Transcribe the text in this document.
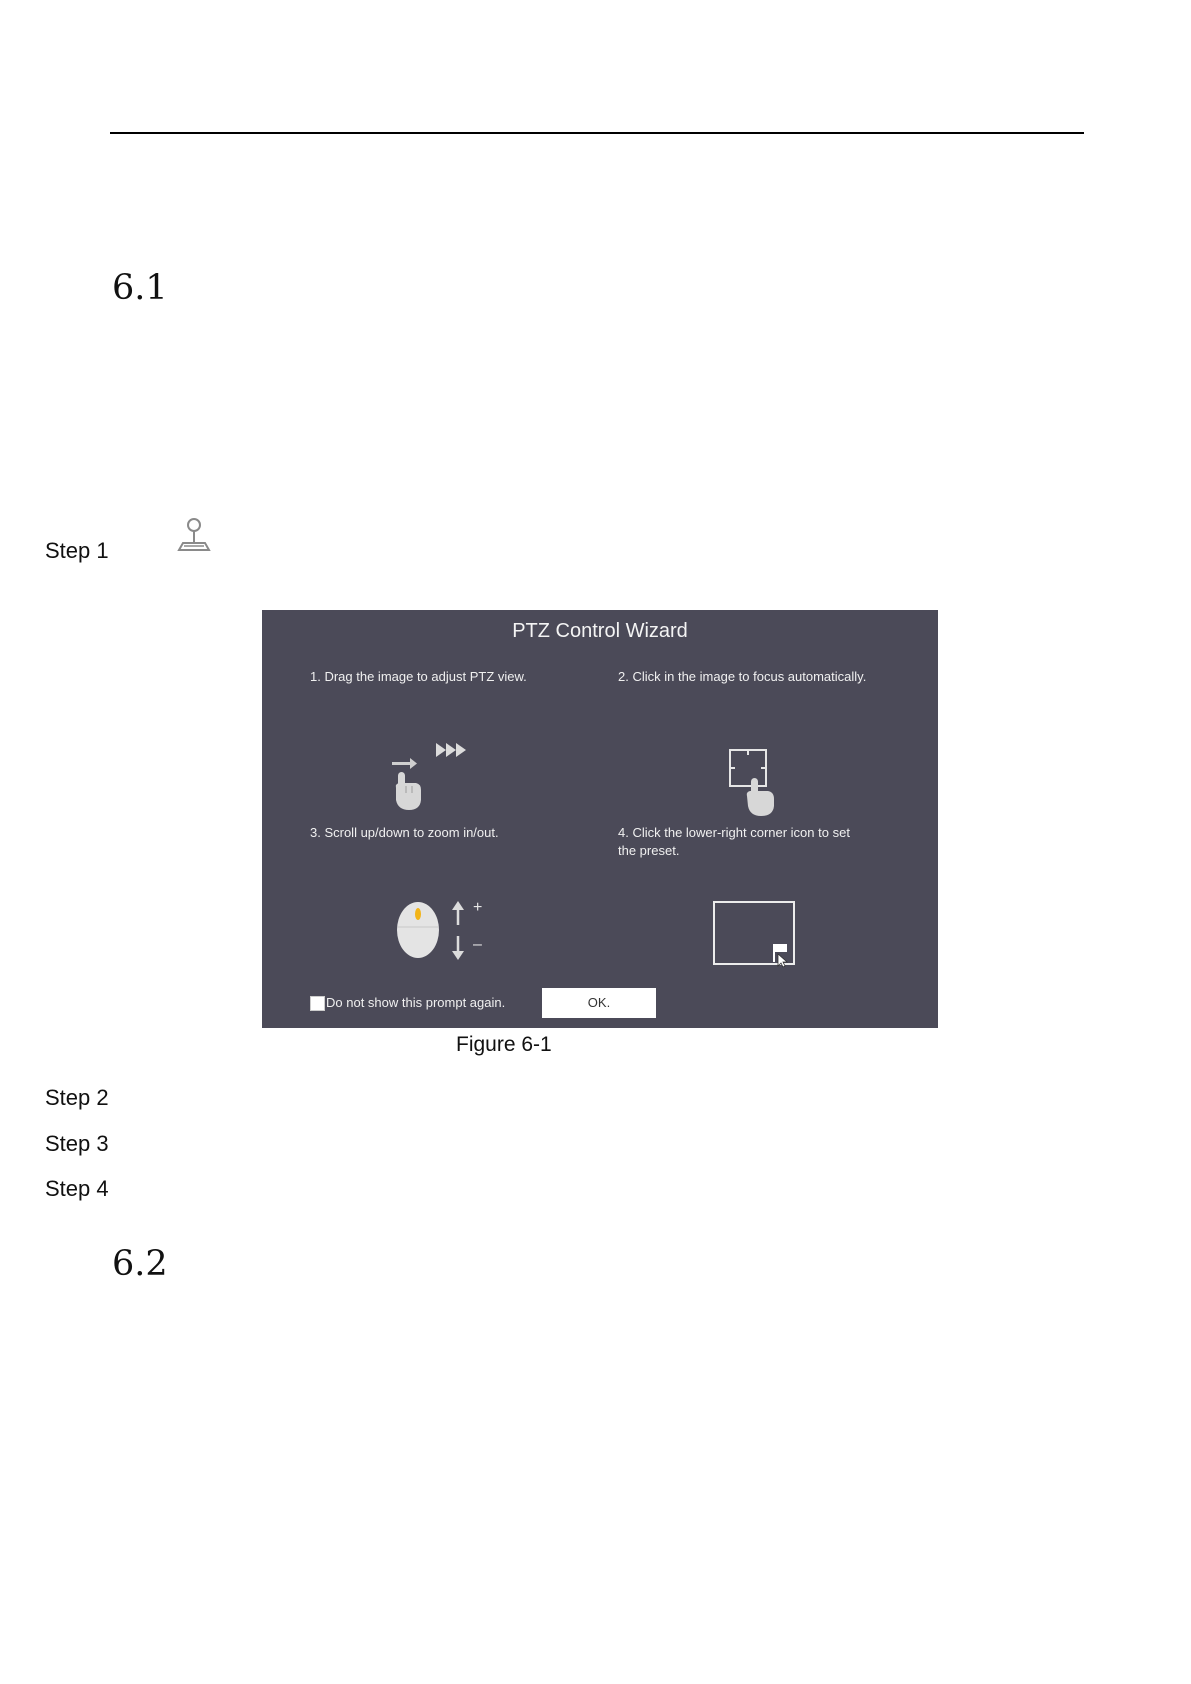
6.1
Step 1
PTZ Control Wizard
1. Drag the image to adjust PTZ view.	2. Click in the image to focus automatically.
3. Scroll up/down to zoom in/out.	4. Click the lower-right corner icon to set
the preset.
+
–
Do not show this prompt again.	OK.
Figure 6-1
Step 2
Step 3
Step 4
6.2
